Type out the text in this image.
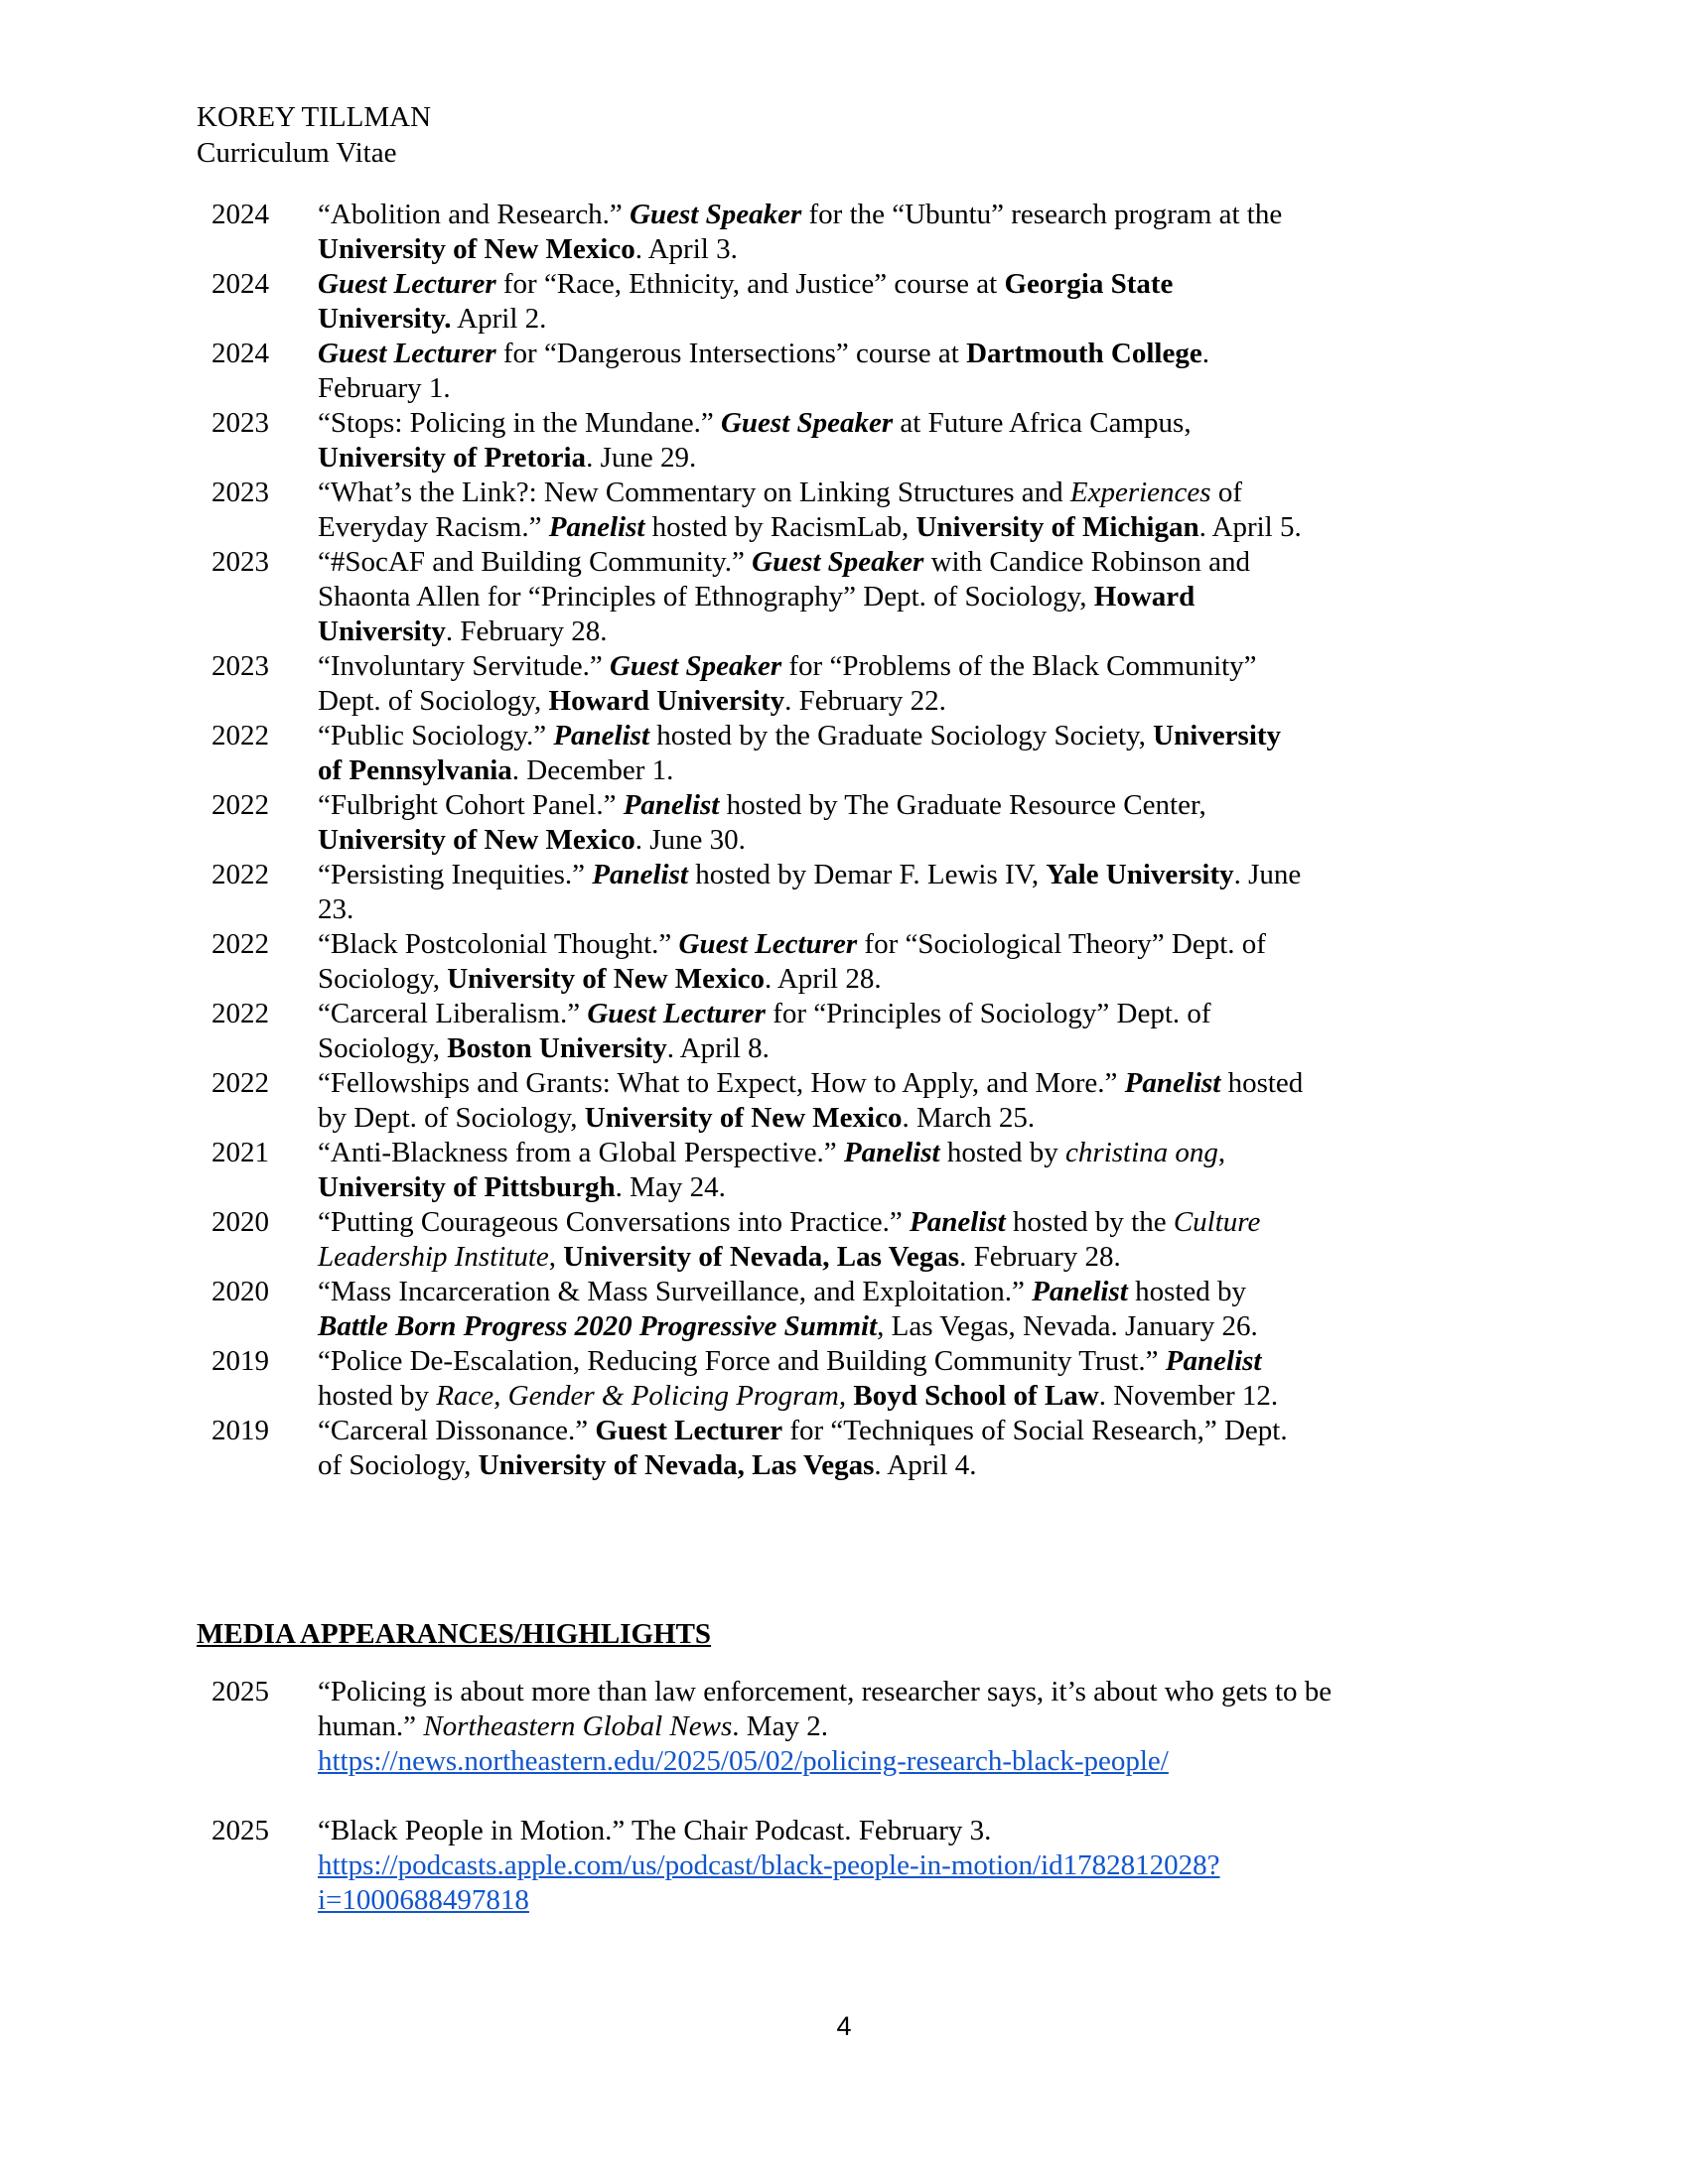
KOREY TILLMAN
Curriculum Vitae
2024 “Abolition and Research.” Guest Speaker for the “Ubuntu” research program at the University of New Mexico. April 3.
2024 Guest Lecturer for “Race, Ethnicity, and Justice” course at Georgia State University. April 2.
2024 Guest Lecturer for “Dangerous Intersections” course at Dartmouth College. February 1.
2023 “Stops: Policing in the Mundane.” Guest Speaker at Future Africa Campus, University of Pretoria. June 29.
2023 “What’s the Link?: New Commentary on Linking Structures and Experiences of Everyday Racism.” Panelist hosted by RacismLab, University of Michigan. April 5.
2023 “#SocAF and Building Community.” Guest Speaker with Candice Robinson and Shaonta Allen for “Principles of Ethnography” Dept. of Sociology, Howard University. February 28.
2023 “Involuntary Servitude.” Guest Speaker for “Problems of the Black Community” Dept. of Sociology, Howard University. February 22.
2022 “Public Sociology.” Panelist hosted by the Graduate Sociology Society, University of Pennsylvania. December 1.
2022 “Fulbright Cohort Panel.” Panelist hosted by The Graduate Resource Center, University of New Mexico. June 30.
2022 “Persisting Inequities.” Panelist hosted by Demar F. Lewis IV, Yale University. June 23.
2022 “Black Postcolonial Thought.” Guest Lecturer for “Sociological Theory” Dept. of Sociology, University of New Mexico. April 28.
2022 “Carceral Liberalism.” Guest Lecturer for “Principles of Sociology” Dept. of Sociology, Boston University. April 8.
2022 “Fellowships and Grants: What to Expect, How to Apply, and More.” Panelist hosted by Dept. of Sociology, University of New Mexico. March 25.
2021 “Anti-Blackness from a Global Perspective.” Panelist hosted by christina ong, University of Pittsburgh. May 24.
2020 “Putting Courageous Conversations into Practice.” Panelist hosted by the Culture Leadership Institute, University of Nevada, Las Vegas. February 28.
2020 “Mass Incarceration & Mass Surveillance, and Exploitation.” Panelist hosted by Battle Born Progress 2020 Progressive Summit, Las Vegas, Nevada. January 26.
2019 “Police De-Escalation, Reducing Force and Building Community Trust.” Panelist hosted by Race, Gender & Policing Program, Boyd School of Law. November 12.
2019 “Carceral Dissonance.” Guest Lecturer for “Techniques of Social Research,” Dept. of Sociology, University of Nevada, Las Vegas. April 4.
MEDIA APPEARANCES/HIGHLIGHTS
2025 “Policing is about more than law enforcement, researcher says, it’s about who gets to be human.” Northeastern Global News. May 2. https://news.northeastern.edu/2025/05/02/policing-research-black-people/
2025 “Black People in Motion.” The Chair Podcast. February 3. https://podcasts.apple.com/us/podcast/black-people-in-motion/id1782812028?i=1000688497818
4
